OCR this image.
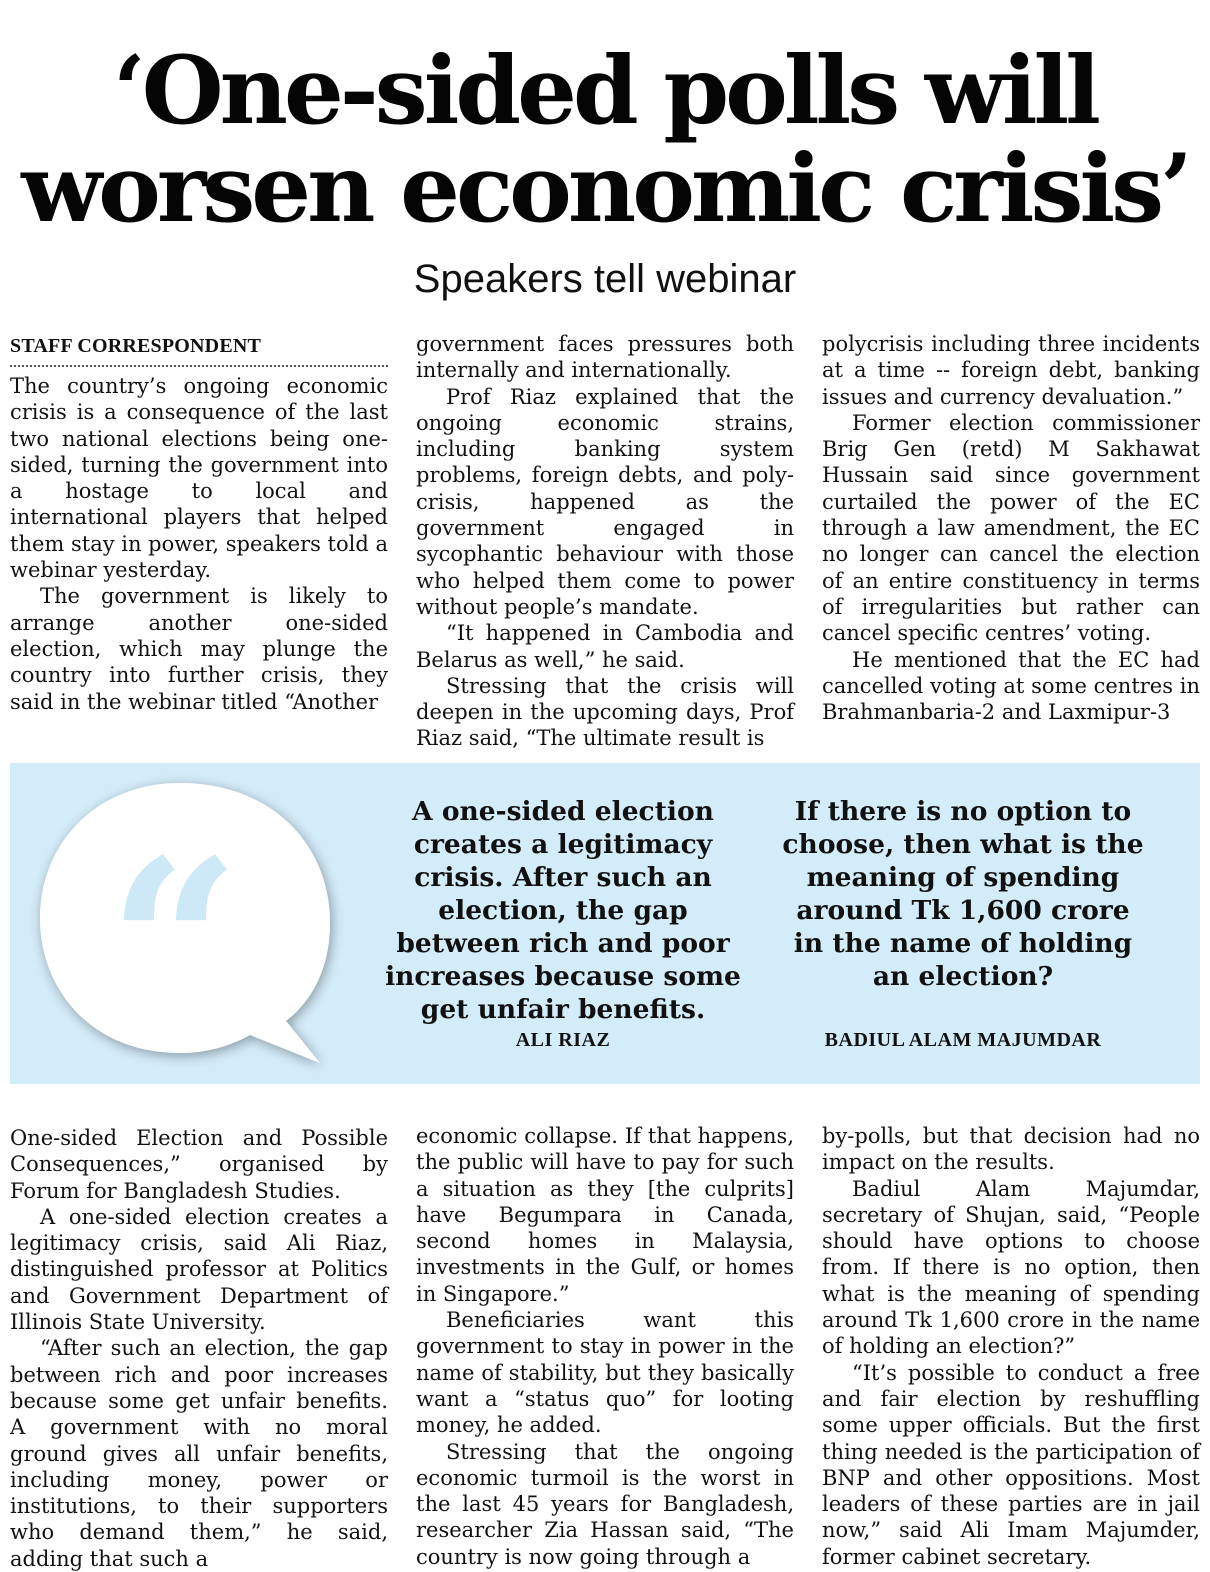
‘One-sided polls will
worsen economic crisis’
Speakers tell webinar
STAFF CORRESPONDENT

The country’s ongoing economic crisis is a consequence of the last two national elections being one-sided, turning the government into a hostage to local and international players that helped them stay in power, speakers told a webinar yesterday.

The government is likely to arrange another one-sided election, which may plunge the country into further crisis, they said in the webinar titled “Another

government faces pressures both internally and internationally.

Prof Riaz explained that the ongoing economic strains, including banking system problems, foreign debts, and poly-crisis, happened as the government engaged in sycophantic behaviour with those who helped them come to power without people’s mandate.

“It happened in Cambodia and Belarus as well,” he said.

Stressing that the crisis will deepen in the upcoming days, Prof Riaz said, “The ultimate result is

polycrisis including three incidents at a time -- foreign debt, banking issues and currency devaluation.”

Former election commissioner Brig Gen (retd) M Sakhawat Hussain said since government curtailed the power of the EC through a law amendment, the EC no longer can cancel the election of an entire constituency in terms of irregularities but rather can cancel specific centres’ voting.

He mentioned that the EC had cancelled voting at some centres in Brahmanbaria-2 and Laxmipur-3

“	A one-sided election creates a legitimacy crisis. After such an election, the gap between rich and poor increases because some get unfair benefits.

ALI RIAZ

If there is no option to choose, then what is the meaning of spending around Tk 1,600 crore in the name of holding an election?

BADIUL ALAM MAJUMDAR

One-sided Election and Possible Consequences,” organised by Forum for Bangladesh Studies.

A one-sided election creates a legitimacy crisis, said Ali Riaz, distinguished professor at Politics and Government Department of Illinois State University.

“After such an election, the gap between rich and poor increases because some get unfair benefits. A government with no moral ground gives all unfair benefits, including money, power or institutions, to their supporters who demand them,” he said, adding that such a

economic collapse. If that happens, the public will have to pay for such a situation as they [the culprits] have Begumpara in Canada, second homes in Malaysia, investments in the Gulf, or homes in Singapore.”

Beneficiaries want this government to stay in power in the name of stability, but they basically want a “status quo” for looting money, he added.

Stressing that the ongoing economic turmoil is the worst in the last 45 years for Bangladesh, researcher Zia Hassan said, “The country is now going through a

by-polls, but that decision had no impact on the results.

Badiul Alam Majumdar, secretary of Shujan, said, “People should have options to choose from. If there is no option, then what is the meaning of spending around Tk 1,600 crore in the name of holding an election?”

“It’s possible to conduct a free and fair election by reshuffling some upper officials. But the first thing needed is the participation of BNP and other oppositions. Most leaders of these parties are in jail now,” said Ali Imam Majumder, former cabinet secretary.
